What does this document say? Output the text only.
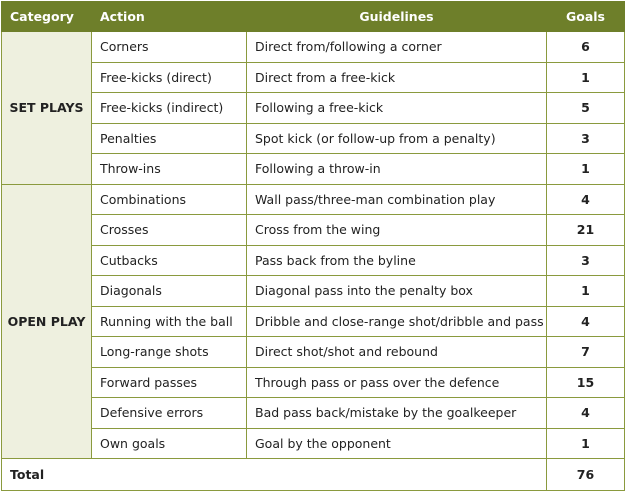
Category	Action	Guidelines	Goals
SET PLAYS	Corners	Direct from/following a corner	6
	Free-kicks (direct)	Direct from a free-kick	1
	Free-kicks (indirect)	Following a free-kick	5
	Penalties	Spot kick (or follow-up from a penalty)	3
	Throw-ins	Following a throw-in	1
OPEN PLAY	Combinations	Wall pass/three-man combination play	4
	Crosses	Cross from the wing	21
	Cutbacks	Pass back from the byline	3
	Diagonals	Diagonal pass into the penalty box	1
	Running with the ball	Dribble and close-range shot/dribble and pass	4
	Long-range shots	Direct shot/shot and rebound	7
	Forward passes	Through pass or pass over the defence	15
	Defensive errors	Bad pass back/mistake by the goalkeeper	4
	Own goals	Goal by the opponent	1
Total			76
